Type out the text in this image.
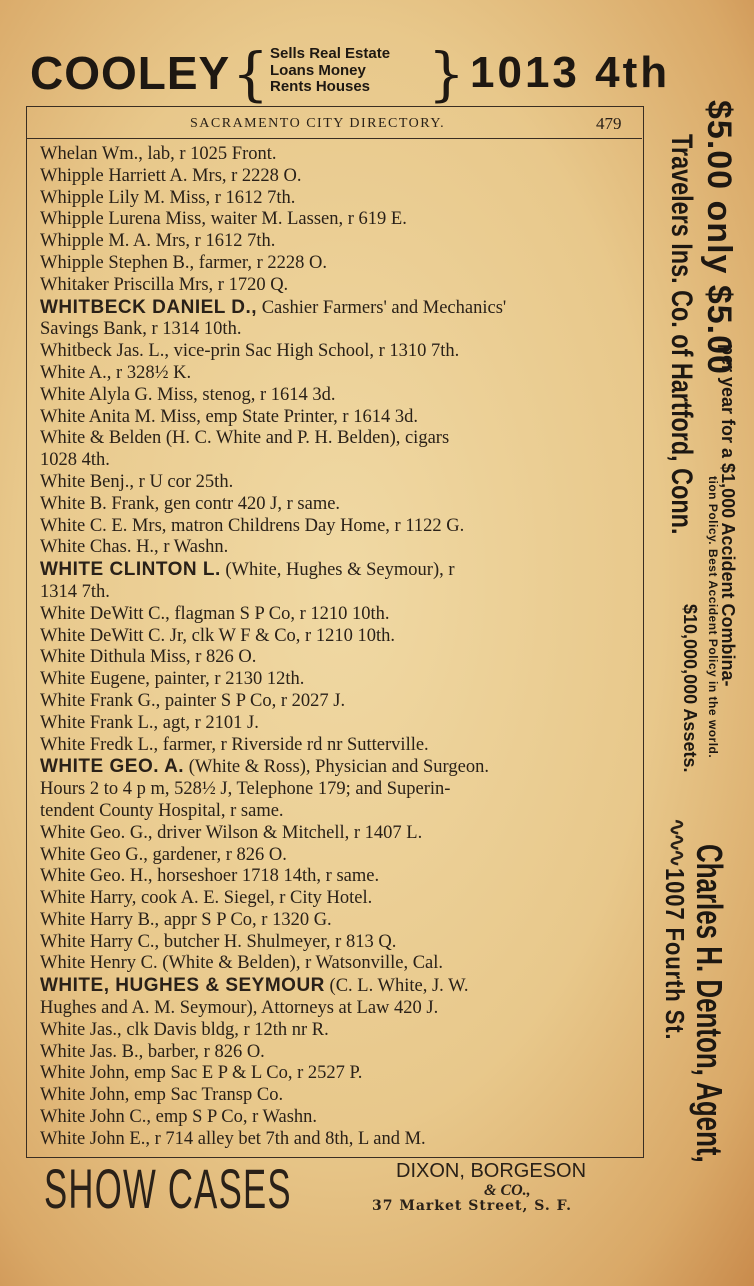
COOLEY { Sells Real Estate
Loans Money
Rents Houses } 1013 4th
SACRAMENTO CITY DIRECTORY.	479
Whelan Wm., lab, r 1025 Front.
Whipple Harriett A. Mrs, r 2228 O.
Whipple Lily M. Miss, r 1612 7th.
Whipple Lurena Miss, waiter M. Lassen, r 619 E.
Whipple M. A. Mrs, r 1612 7th.
Whipple Stephen B., farmer, r 2228 O.
Whitaker Priscilla Mrs, r 1720 Q.
WHITBECK DANIEL D., Cashier Farmers' and Mechanics'
Savings Bank, r 1314 10th.
Whitbeck Jas. L., vice-prin Sac High School, r 1310 7th.
White A., r 328½ K.
White Alyla G. Miss, stenog, r 1614 3d.
White Anita M. Miss, emp State Printer, r 1614 3d.
White & Belden (H. C. White and P. H. Belden), cigars
1028 4th.
White Benj., r U cor 25th.
White B. Frank, gen contr 420 J, r same.
White C. E. Mrs, matron Childrens Day Home, r 1122 G.
White Chas. H., r Washn.
WHITE CLINTON L. (White, Hughes & Seymour), r
1314 7th.
White DeWitt C., flagman S P Co, r 1210 10th.
White DeWitt C. Jr, clk W F & Co, r 1210 10th.
White Dithula Miss, r 826 O.
White Eugene, painter, r 2130 12th.
White Frank G., painter S P Co, r 2027 J.
White Frank L., agt, r 2101 J.
White Fredk L., farmer, r Riverside rd nr Sutterville.
WHITE GEO. A. (White & Ross), Physician and Surgeon.
Hours 2 to 4 p m, 528½ J, Telephone 179; and Superin-
tendent County Hospital, r same.
White Geo. G., driver Wilson & Mitchell, r 1407 L.
White Geo G., gardener, r 826 O.
White Geo. H., horseshoer 1718 14th, r same.
White Harry, cook A. E. Siegel, r City Hotel.
White Harry B., appr S P Co, r 1320 G.
White Harry C., butcher H. Shulmeyer, r 813 Q.
White Henry C. (White & Belden), r Watsonville, Cal.
WHITE, HUGHES & SEYMOUR (C. L. White, J. W.
Hughes and A. M. Seymour), Attorneys at Law 420 J.
White Jas., clk Davis bldg, r 12th nr R.
White Jas. B., barber, r 826 O.
White John, emp Sac E P & L Co, r 2527 P.
White John, emp Sac Transp Co.
White John C., emp S P Co, r Washn.
White John E., r 714 alley bet 7th and 8th, L and M.
$5.00 only $5.00
per year for a $1,000 Accident Combina-
Travelers Ins. Co. of Hartford, Conn.
$10,000,000 Assets. tion Policy. Best Accident Policy in the world.
∿∿∿
Charles H. Denton, Agent,
1007 Fourth St.
SHOW CASES	DIXON, BORGESON
& CO.,
37 Market Street, S. F.
